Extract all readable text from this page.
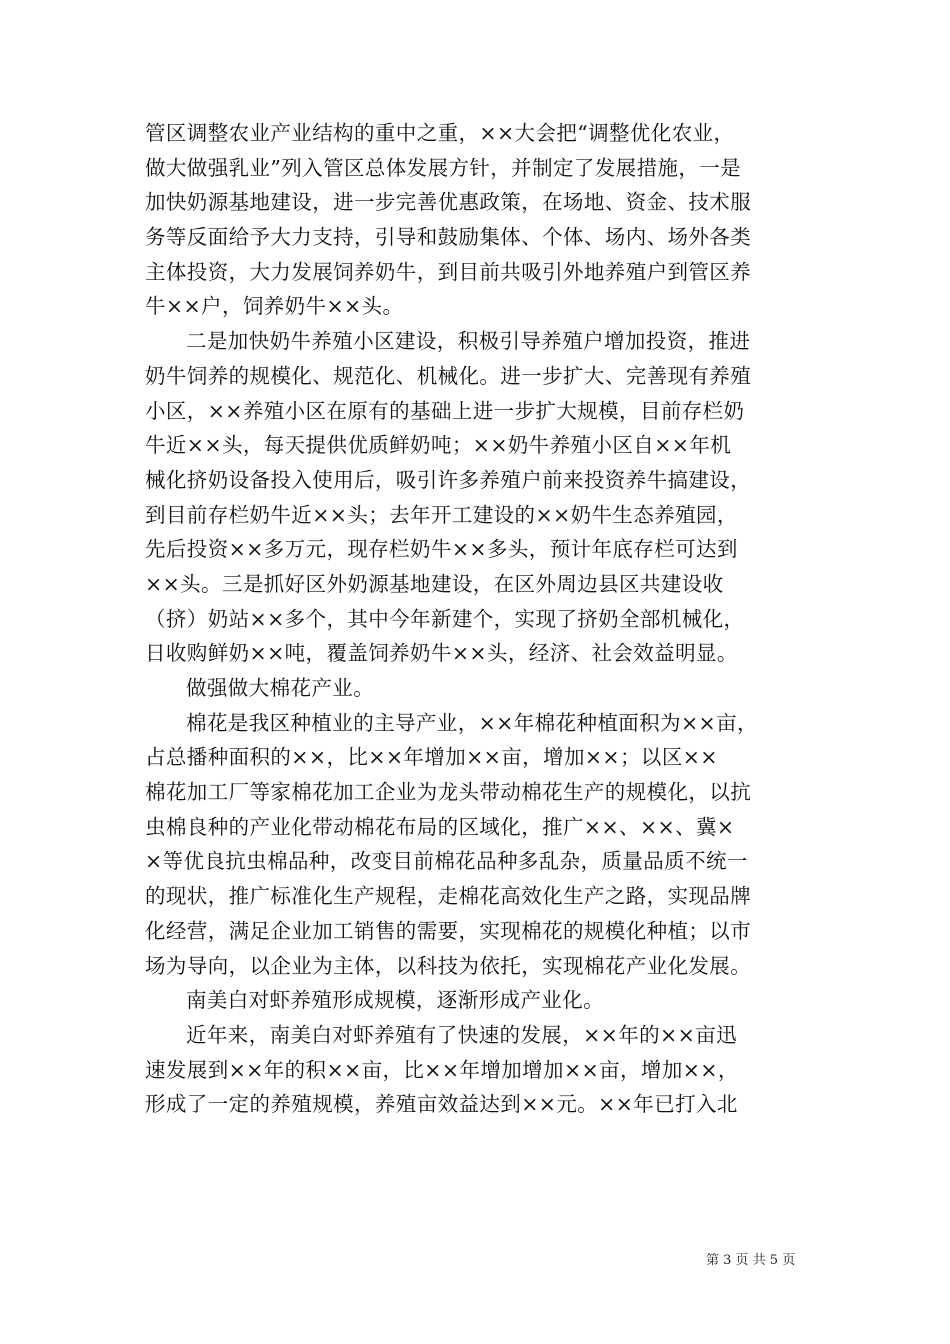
管区调整农业产业结构的重中之重，××大会把“调整优化农业，
做大做强乳业”列入管区总体发展方针，并制定了发展措施，一是
加快奶源基地建设，进一步完善优惠政策，在场地、资金、技术服
务等反面给予大力支持，引导和鼓励集体、个体、场内、场外各类
主体投资，大力发展饲养奶牛，到目前共吸引外地养殖户到管区养
牛××户，饲养奶牛××头。
二是加快奶牛养殖小区建设，积极引导养殖户增加投资，推进
奶牛饲养的规模化、规范化、机械化。进一步扩大、完善现有养殖
小区，××养殖小区在原有的基础上进一步扩大规模，目前存栏奶
牛近××头，每天提供优质鲜奶吨；××奶牛养殖小区自××年机
械化挤奶设备投入使用后，吸引许多养殖户前来投资养牛搞建设，
到目前存栏奶牛近××头；去年开工建设的××奶牛生态养殖园，
先后投资××多万元，现存栏奶牛××多头，预计年底存栏可达到
××头。三是抓好区外奶源基地建设，在区外周边县区共建设收
（挤）奶站××多个，其中今年新建个，实现了挤奶全部机械化，
日收购鲜奶××吨，覆盖饲养奶牛××头，经济、社会效益明显。
做强做大棉花产业。
棉花是我区种植业的主导产业，××年棉花种植面积为××亩，
占总播种面积的××，比××年增加××亩，增加××；以区××
棉花加工厂等家棉花加工企业为龙头带动棉花生产的规模化，以抗
虫棉良种的产业化带动棉花布局的区域化，推广××、××、冀×
×等优良抗虫棉品种，改变目前棉花品种多乱杂，质量品质不统一
的现状，推广标准化生产规程，走棉花高效化生产之路，实现品牌
化经营，满足企业加工销售的需要，实现棉花的规模化种植；以市
场为导向，以企业为主体，以科技为依托，实现棉花产业化发展。
南美白对虾养殖形成规模，逐渐形成产业化。
近年来，南美白对虾养殖有了快速的发展，××年的××亩迅
速发展到××年的积××亩，比××年增加增加××亩，增加××，
形成了一定的养殖规模，养殖亩效益达到××元。××年已打入北
第 3 页 共 5 页
